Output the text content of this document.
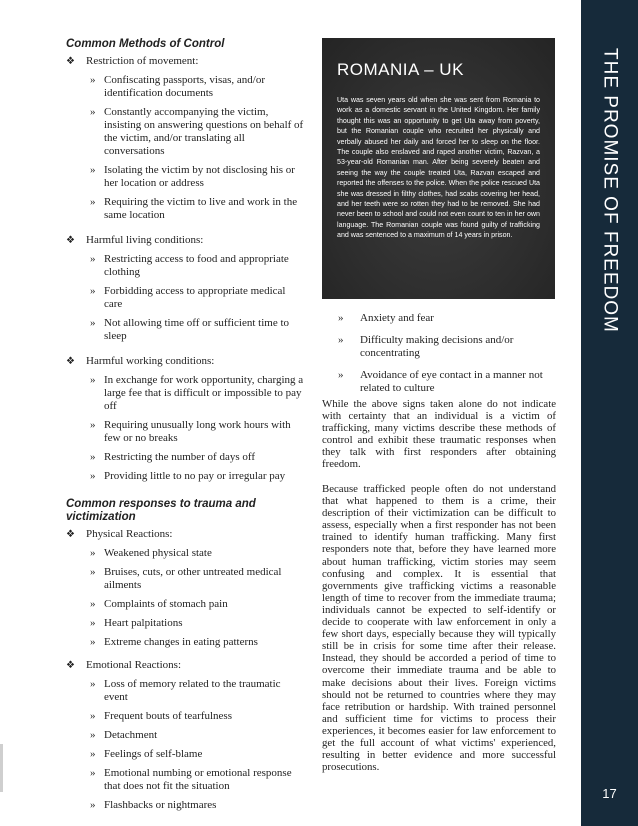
THE PROMISE OF FREEDOM
17
Common Methods of Control
❖ Restriction of movement:
» Confiscating passports, visas, and/or identification documents
» Constantly accompanying the victim, insisting on answering questions on behalf of the victim, and/or translating all conversations
» Isolating the victim by not disclosing his or her location or address
» Requiring the victim to live and work in the same location
❖ Harmful living conditions:
» Restricting access to food and appropriate clothing
» Forbidding access to appropriate medical care
» Not allowing time off or sufficient time to sleep
❖ Harmful working conditions:
» In exchange for work opportunity, charging a large fee that is difficult or impossible to pay off
» Requiring unusually long work hours with few or no breaks
» Restricting the number of days off
» Providing little to no pay or irregular pay
Common responses to trauma and victimization
❖ Physical Reactions:
» Weakened physical state
» Bruises, cuts, or other untreated medical ailments
» Complaints of stomach pain
» Heart palpitations
» Extreme changes in eating patterns
❖ Emotional Reactions:
» Loss of memory related to the traumatic event
» Frequent bouts of tearfulness
» Detachment
» Feelings of self-blame
» Emotional numbing or emotional response that does not fit the situation
» Flashbacks or nightmares
ROMANIA – UK
Uta was seven years old when she was sent from Romania to work as a domestic servant in the United Kingdom. Her family thought this was an opportunity to get Uta away from poverty, but the Romanian couple who recruited her physically and verbally abused her daily and forced her to sleep on the floor. The couple also enslaved and raped another victim, Razvan, a 53-year-old Romanian man. After being severely beaten and seeing the way the couple treated Uta, Razvan escaped and reported the offenses to the police. When the police rescued Uta she was dressed in filthy clothes, had scabs covering her head, and her teeth were so rotten they had to be removed. She had never been to school and could not even count to ten in her own language. The Romanian couple was found guilty of trafficking and was sentenced to a maximum of 14 years in prison.
» Anxiety and fear
» Difficulty making decisions and/or concentrating
» Avoidance of eye contact in a manner not related to culture

While the above signs taken alone do not indicate with certainty that an individual is a victim of trafficking, many victims describe these methods of control and exhibit these traumatic responses when they talk with first responders after obtaining freedom.

Because trafficked people often do not understand that what happened to them is a crime, their description of their victimization can be difficult to assess, especially when a first responder has not been trained to identify human trafficking. Many first responders note that, before they have learned more about human trafficking, victim stories may seem confusing and complex. It is essential that governments give trafficking victims a reasonable length of time to recover from the immediate trauma; individuals cannot be expected to self-identify or decide to cooperate with law enforcement in only a few short days, especially because they will typically still be in crisis for some time after their release. Instead, they should be accorded a period of time to overcome their immediate trauma and be able to make decisions about their lives. Foreign victims should not be returned to countries where they may face retribution or hardship. With trained personnel and sufficient time for victims to process their experiences, it becomes easier for law enforcement to get the full account of what victims' experienced, resulting in better evidence and more successful prosecutions.
